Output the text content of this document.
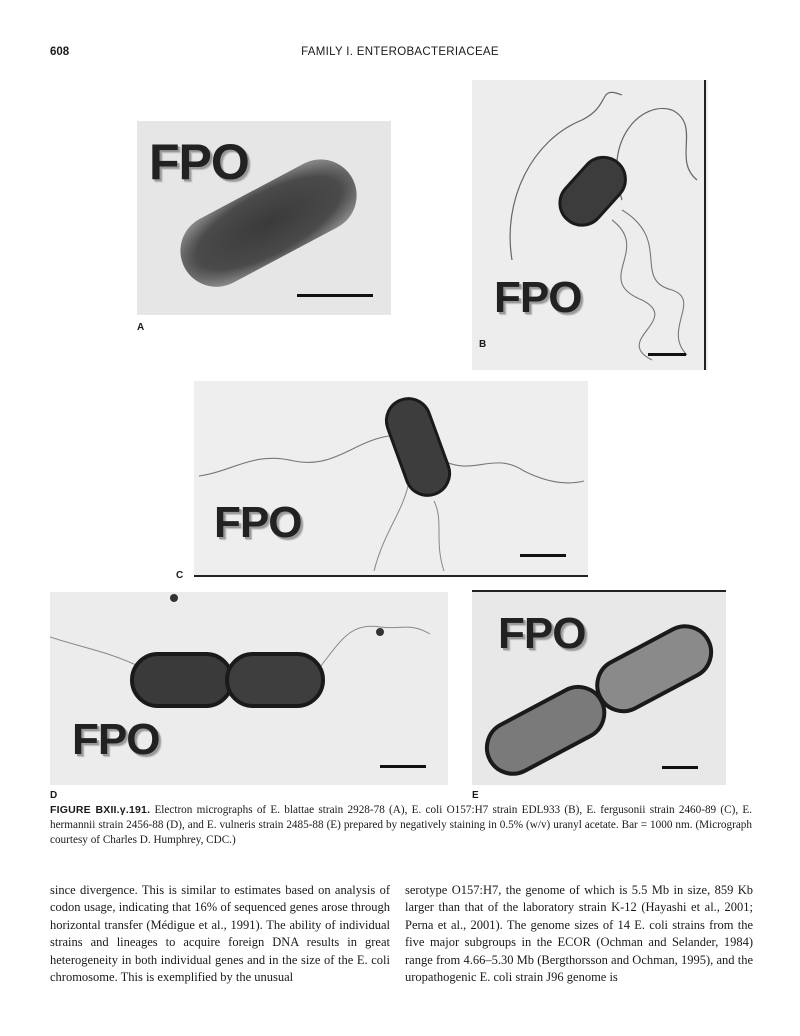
608	FAMILY I. ENTEROBACTERIACEAE
FPO
A
FPO
B
FPO
C
FPO
D
FPO
E
FIGURE BXII.γ.191. Electron micrographs of E. blattae strain 2928-78 (A), E. coli O157:H7 strain EDL933 (B), E. fergusonii strain 2460-89 (C), E. hermannii strain 2456-88 (D), and E. vulneris strain 2485-88 (E) prepared by negatively staining in 0.5% (w/v) uranyl acetate. Bar = 1000 nm. (Micrograph courtesy of Charles D. Humphrey, CDC.)

since divergence. This is similar to estimates based on analysis of codon usage, indicating that 16% of sequenced genes arose through horizontal transfer (Médigue et al., 1991). The ability of individual strains and lineages to acquire foreign DNA results in great heterogeneity in both individual genes and in the size of the E. coli chromosome. This is exemplified by the unusual

serotype O157:H7, the genome of which is 5.5 Mb in size, 859 Kb larger than that of the laboratory strain K-12 (Hayashi et al., 2001; Perna et al., 2001). The genome sizes of 14 E. coli strains from the five major subgroups in the ECOR (Ochman and Selander, 1984) range from 4.66–5.30 Mb (Bergthorsson and Ochman, 1995), and the uropathogenic E. coli strain J96 genome is
